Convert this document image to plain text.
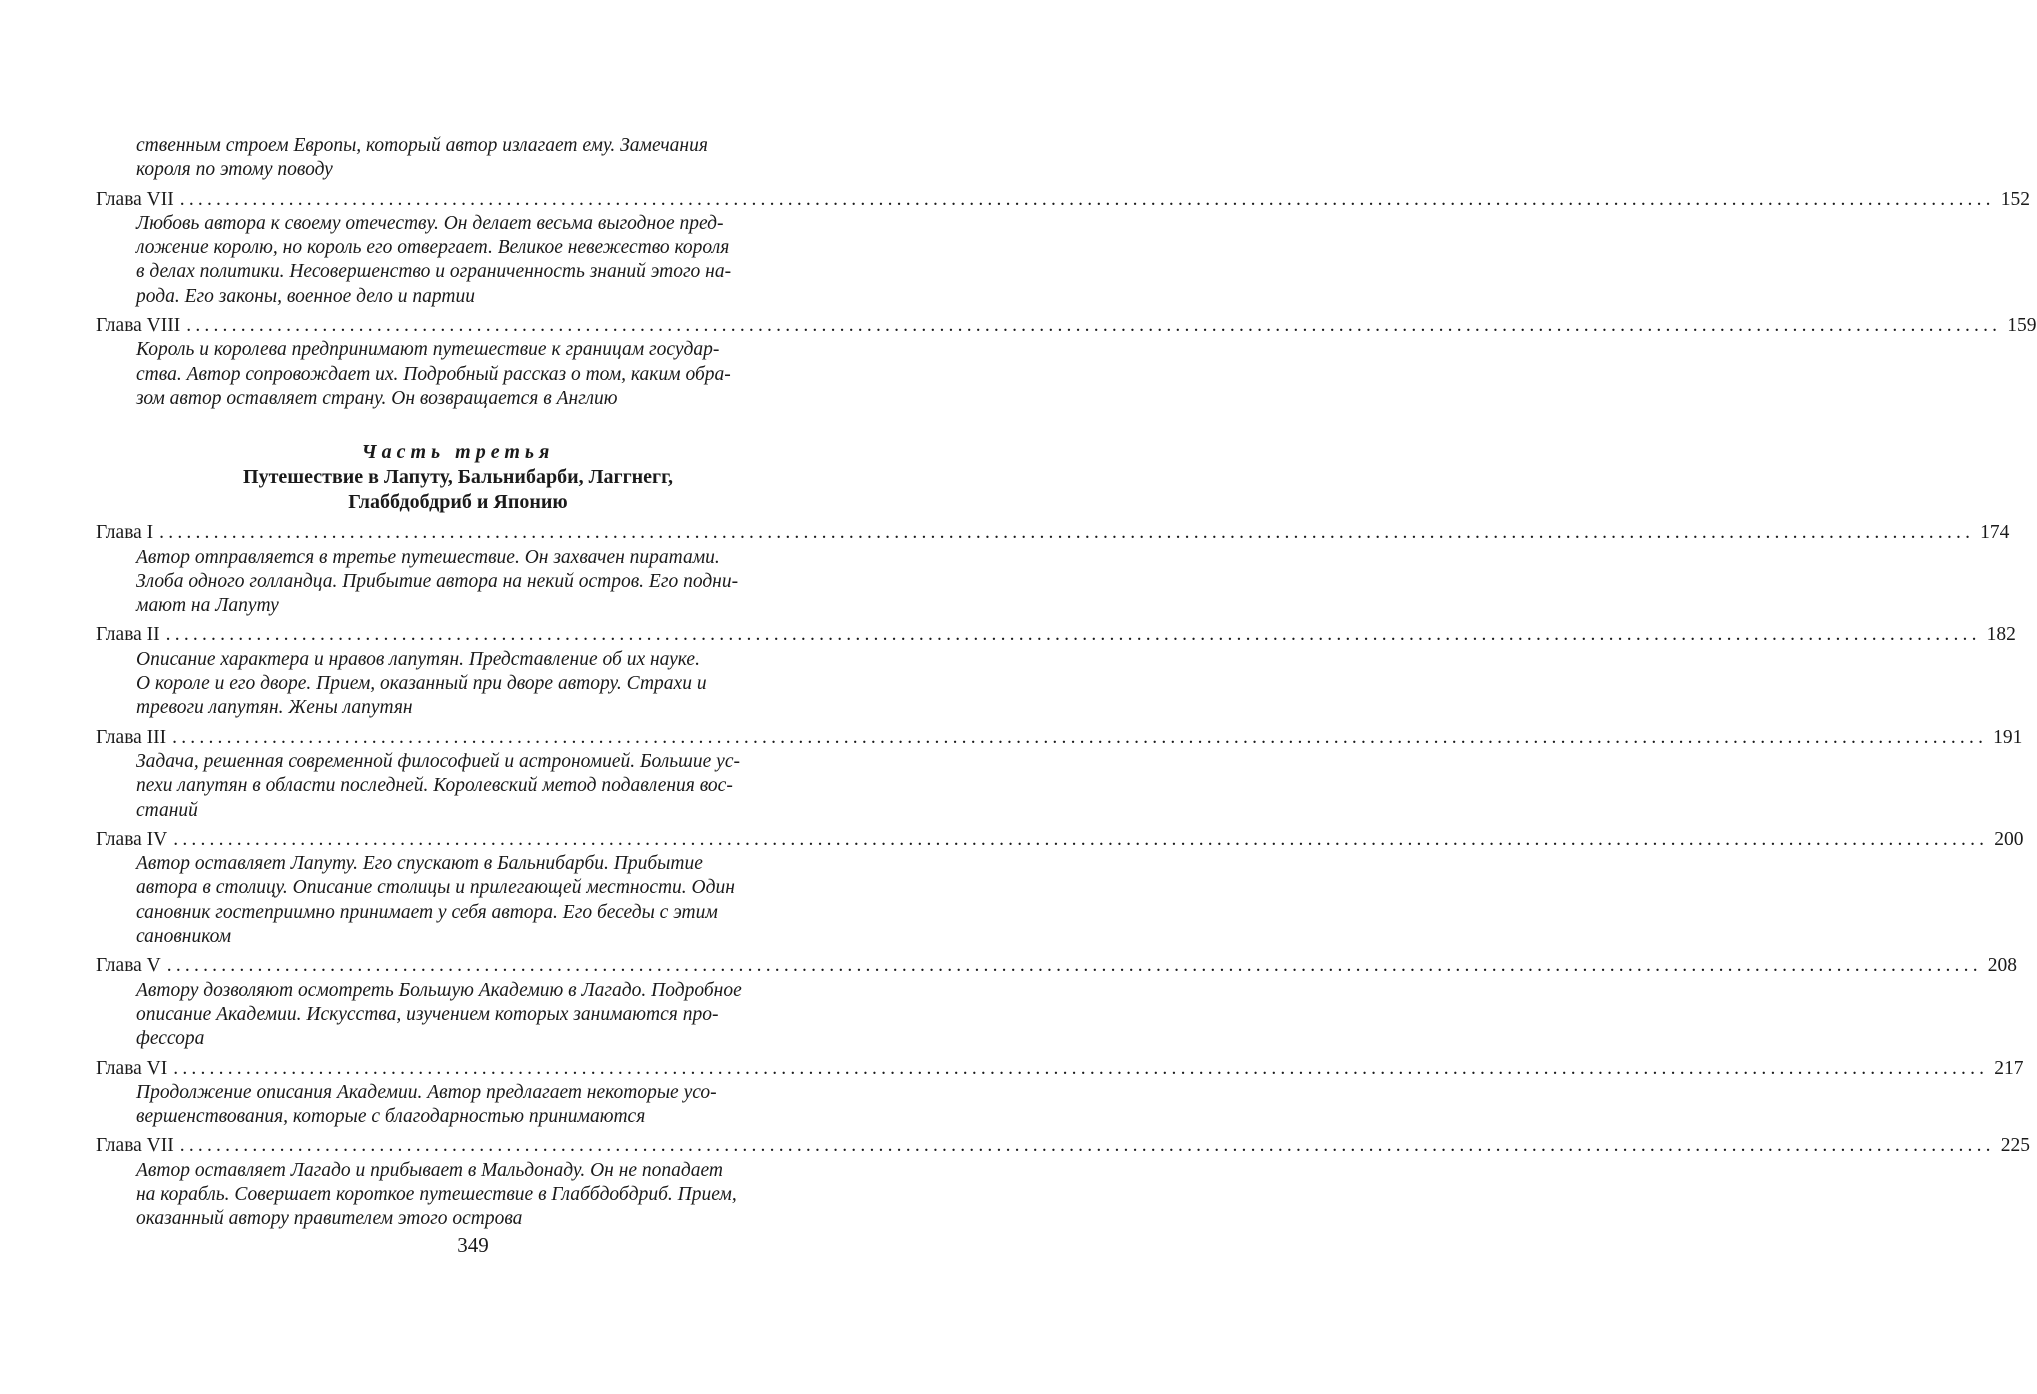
ственным строем Европы, который автор излагает ему. Замечания
короля по этому поводу
Глава VII ........................................................................................................................................................................................................ 152
Любовь автора к своему отечеству. Он делает весьма выгодное пред-
ложение королю, но король его отвергает. Великое невежество короля
в делах политики. Несовершенство и ограниченность знаний этого на-
рода. Его законы, военное дело и партии
Глава VIII ........................................................................................................................................................................................................ 159
Король и королева предпринимают путешествие к границам государ-
ства. Автор сопровождает их. Подробный рассказ о том, каким обра-
зом автор оставляет страну. Он возвращается в Англию
Часть третья
Путешествие в Лапуту, Бальнибарби, Лаггнегг,
Глаббдобдриб и Японию
Глава I ........................................................................................................................................................................................................ 174
Автор отправляется в третье путешествие. Он захвачен пиратами.
Злоба одного голландца. Прибытие автора на некий остров. Его подни-
мают на Лапуту
Глава II ........................................................................................................................................................................................................ 182
Описание характера и нравов лапутян. Представление об их науке.
О короле и его дворе. Прием, оказанный при дворе автору. Страхи и
тревоги лапутян. Жены лапутян
Глава III ........................................................................................................................................................................................................ 191
Задача, решенная современной философией и астрономией. Большие ус-
пехи лапутян в области последней. Королевский метод подавления вос-
станий
Глава IV ........................................................................................................................................................................................................ 200
Автор оставляет Лапуту. Его спускают в Бальнибарби. Прибытие
автора в столицу. Описание столицы и прилегающей местности. Один
сановник гостеприимно принимает у себя автора. Его беседы с этим
сановником
Глава V ........................................................................................................................................................................................................ 208
Автору дозволяют осмотреть Большую Академию в Лагадо. Подробное
описание Академии. Искусства, изучением которых занимаются про-
фессора
Глава VI ........................................................................................................................................................................................................ 217
Продолжение описания Академии. Автор предлагает некоторые усо-
вершенствования, которые с благодарностью принимаются
Глава VII ........................................................................................................................................................................................................ 225
Автор оставляет Лагадо и прибывает в Мальдонаду. Он не попадает
на корабль. Совершает короткое путешествие в Глаббдобдриб. Прием,
оказанный автору правителем этого острова
349
